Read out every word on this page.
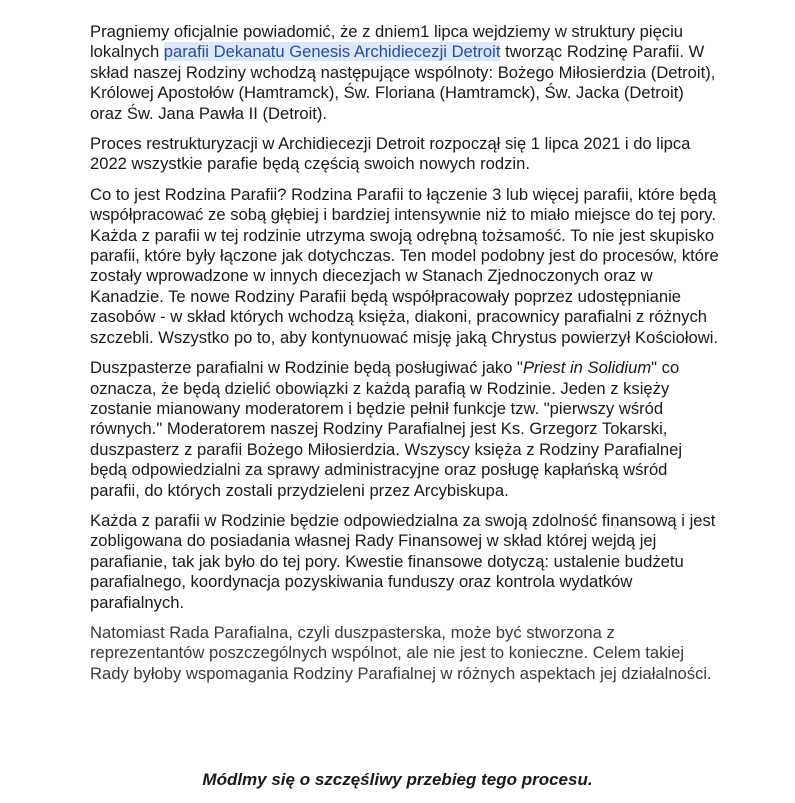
Pragniemy oficjalnie powiadomić, że z dniem1 lipca wejdziemy w struktury pięciu lokalnych parafii Dekanatu Genesis Archidiecezji Detroit tworząc Rodzinę Parafii. W skład naszej Rodziny wchodzą następujące wspólnoty: Bożego Miłosierdzia (Detroit), Królowej Apostołów (Hamtramck), Św. Floriana (Hamtramck), Św. Jacka (Detroit) oraz Św. Jana Pawła II (Detroit).

Proces restrukturyzacji w Archidiecezji Detroit rozpoczął się 1 lipca 2021 i do lipca 2022 wszystkie parafie będą częścią swoich nowych rodzin.

Co to jest Rodzina Parafii? Rodzina Parafii to łączenie 3 lub więcej parafii, które będą współpracować ze sobą głębiej i bardziej intensywnie niż to miało miejsce do tej pory. Każda z parafii w tej rodzinie utrzyma swoją odrębną tożsamość. To nie jest skupisko parafii, które były łączone jak dotychczas. Ten model podobny jest do procesów, które zostały wprowadzone w innych diecezjach w Stanach Zjednoczonych oraz w Kanadzie. Te nowe Rodziny Parafii będą współpracowały poprzez udostępnianie zasobów - w skład których wchodzą księża, diakoni, pracownicy parafialni z różnych szczebli. Wszystko po to, aby kontynuować misję jaką Chrystus powierzył Kościołowi.

Duszpasterze parafialni w Rodzinie będą posługiwać jako "Priest in Solidium" co oznacza, że będą dzielić obowiązki z każdą parafią w Rodzinie. Jeden z księży zostanie mianowany moderatorem i będzie pełnił funkcje tzw. "pierwszy wśród równych." Moderatorem naszej Rodziny Parafialnej jest Ks. Grzegorz Tokarski, duszpasterz z parafii Bożego Miłosierdzia. Wszyscy księża z Rodziny Parafialnej będą odpowiedzialni za sprawy administracyjne oraz posługę kapłańską wśród parafii, do których zostali przydzieleni przez Arcybiskupa.

Każda z parafii w Rodzinie będzie odpowiedzialna za swoją zdolność finansową i jest zobligowana do posiadania własnej Rady Finansowej w skład której wejdą jej parafianie, tak jak było do tej pory. Kwestie finansowe dotyczą: ustalenie budżetu parafialnego, koordynacja pozyskiwania funduszy oraz kontrola wydatków parafialnych.

Natomiast Rada Parafialna, czyli duszpasterska, może być stworzona z reprezentantów poszczególnych wspólnot, ale nie jest to konieczne. Celem takiej Rady byłoby wspomagania Rodziny Parafialnej w różnych aspektach jej działalności.

Módlmy się o szczęśliwy przebieg tego procesu.
